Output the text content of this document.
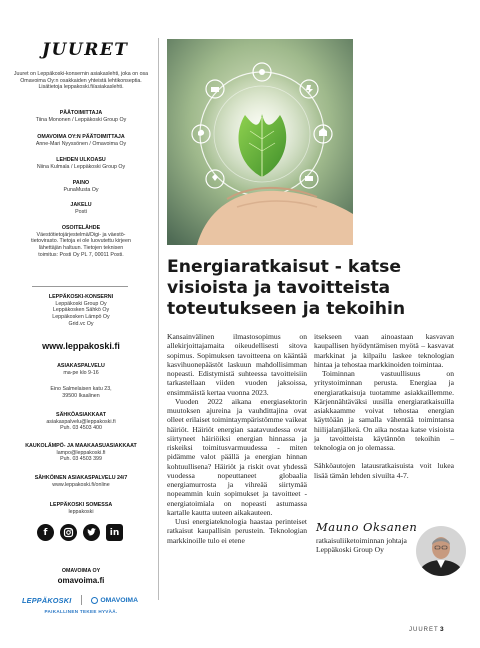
JUURET
Juuret on Leppäkoski-konsernin asiakaslehti, joka on osa Omavoima Oy:n osakkaiden yhteistä lehtikonseptia. Lisätietoja leppakoski.fi/asiakaslehti.
PÄÄTOIMITTAJA
Tiina Mononen / Leppäkoski Group Oy
OMAVOIMA OY:N PÄÄTOIMITTAJA
Anne-Mari Nyyssönen / Omavoima Oy
LEHDEN ULKOASU
Niina Kulmala / Leppäkoski Group Oy
PAINO
PunaMusta Oy
JAKELU
Posti
OSOITELÄHDE
Väestötietojärjestelmä/Digi- ja väestö-
tietovirasto. Tietoja ei ole luovutettu kirjeen
lähettäjän haltuun. Tietojen teknisen
toimitus: Posti Oy PL 7, 00011 Posti.
LEPPÄKOSKI-KONSERNI
Leppäkoski Group Oy
Leppäkosken Sähkö Oy
Leppäkosken Lämpö Oy
Grid.vc Oy
www.leppakoski.fi
ASIAKASPALVELU
ma-pe klo 9-16
Eino Salmelaisen katu 23,
39500 Ikaalinen
SÄHKÖASIAKKAAT
asiakaspalvelu@leppakoski.fi
Puh. 03 4503 400
KAUKOLÄMPÖ- JA MAAKAASUASIAKKAAT
lampo@leppakoski.fi
Puh. 03 4503 399
SÄHKÖINEN ASIAKASPALVELU 24/7
www.leppakoski.fi/online
LEPPÄKOSKI SOMESSA
leppakoski
f	in
OMAVOIMA OY
omavoima.fi
LEPPÄKOSKI	OMAVOIMA
PAIKALLINEN TEKEE HYVÄÄ.
Energiaratkaisut - katse visioista ja tavoitteista toteutukseen ja tekoihin

Kansainvälinen ilmastosopimus on allekirjoittajamaita oikeudellisesti sitova sopimus. Sopimuksen tavoitteena on kääntää kasvihuonepäästöt laskuun mahdollisimman nopeasti. Edistymistä suhteessa tavoitteisiin tarkastellaan viiden vuoden jaksoissa, ensimmäistä kertaa vuonna 2023.

Vuoden 2022 aikana energiasektorin muutoksen ajureina ja vauhdittajina ovat olleet erilaiset toimintaympäristömme vaikeat häiriöt. Häiriöt energian saatavuudessa ovat siirtyneet häiriöiksi energian hinnassa ja riskeiksi toimitusvarmuudessa - miten pidämme valot päällä ja energian hinnan kohtuullisena? Häiriöt ja riskit ovat yhdessä vuodessa nopeuttaneet globaalia energiamurrosta ja vihreää siirtymää nopeammin kuin sopimukset ja tavoitteet - energiatoimiala on nopeasti astumassa kartalle kautta uuteen aikakauteen.

Uusi energiateknologia haastaa perinteiset ratkaisut kaupallisin perustein. Teknologian markkinoille tulo ei etene

itsekseen vaan ainoastaan kasvavan kaupallisen hyödyntämisen myötä – kasvavat markkinat ja kilpailu laskee teknologian hintaa ja tehostaa markkinoiden toimintaa.

Toiminnan vastuullisuus on yritystoiminnan perusta. Energiaa ja energiaratkaisuja tuotamme asiakkaillemme. Kärjennähtäväksi uusilla energiaratkaisuilla asiakkaamme voivat tehostaa energian käyttöään ja samalla vähentää toimintansa hiilijalanjälkeä. On aika nostaa katse visioista ja tavoitteista käytännön tekoihin – teknologia on jo olemassa.

Sähköautojen latausratkaisuista voit lukea lisää tämän lehden sivuilta 4-7.

Mauno Oksanen
ratkaisuliiketoiminnan johtaja Leppäkoski Group Oy
JUURET 3
